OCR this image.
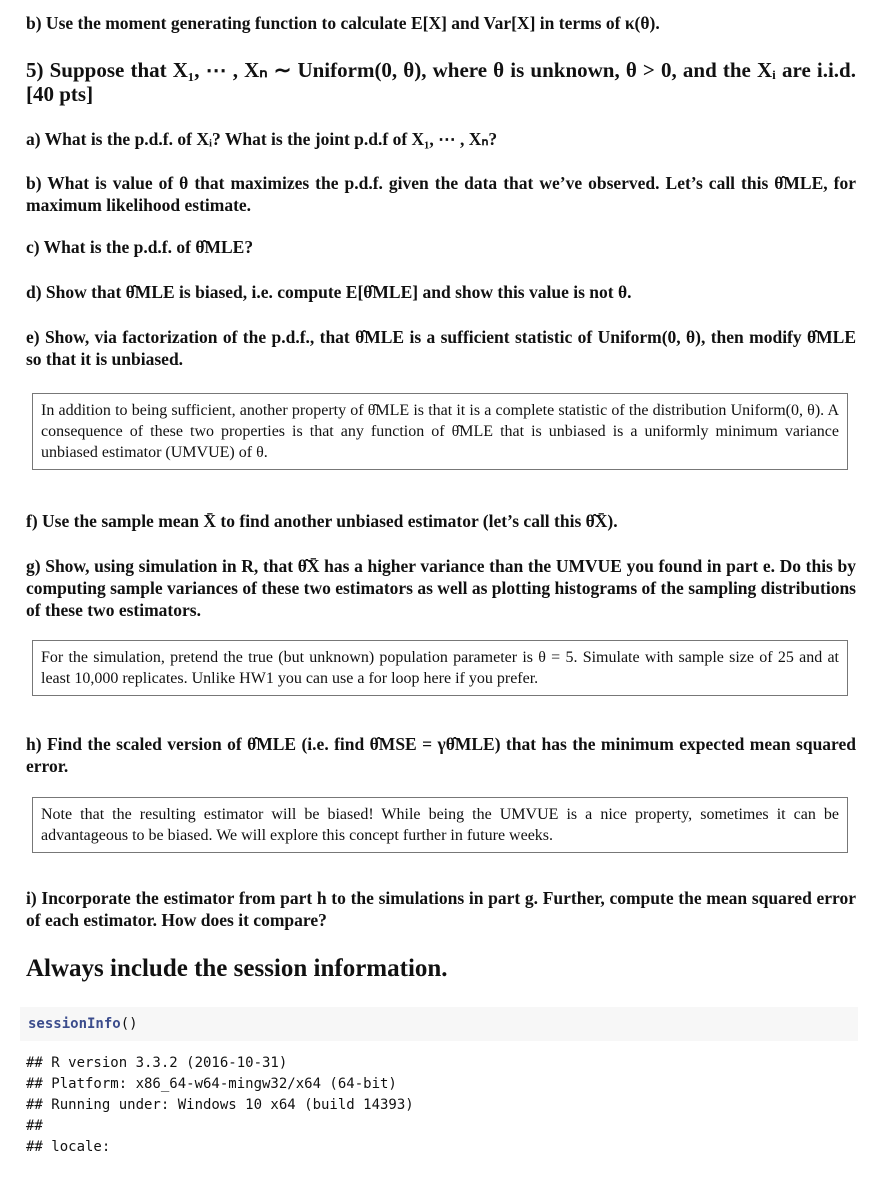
b) Use the moment generating function to calculate E[X] and Var[X] in terms of κ(θ).
5) Suppose that X₁, ⋯ , Xₙ ∼ Uniform(0, θ), where θ is unknown, θ > 0, and the Xᵢ are i.i.d. [40 pts]
a) What is the p.d.f. of Xᵢ? What is the joint p.d.f of X₁, ⋯ , Xₙ?
b) What is value of θ that maximizes the p.d.f. given the data that we’ve observed. Let’s call this θ̂MLE, for maximum likelihood estimate.
c) What is the p.d.f. of θ̂MLE?
d) Show that θ̂MLE is biased, i.e. compute E[θ̂MLE] and show this value is not θ.
e) Show, via factorization of the p.d.f., that θ̂MLE is a sufficient statistic of Uniform(0, θ), then modify θ̂MLE so that it is unbiased.
In addition to being sufficient, another property of θ̂MLE is that it is a complete statistic of the distribution Uniform(0, θ). A consequence of these two properties is that any function of θ̂MLE that is unbiased is a uniformly minimum variance unbiased estimator (UMVUE) of θ.
f) Use the sample mean X̄ to find another unbiased estimator (let’s call this θ̂X̄).
g) Show, using simulation in R, that θ̂X̄ has a higher variance than the UMVUE you found in part e. Do this by computing sample variances of these two estimators as well as plotting histograms of the sampling distributions of these two estimators.
For the simulation, pretend the true (but unknown) population parameter is θ = 5. Simulate with sample size of 25 and at least 10,000 replicates. Unlike HW1 you can use a for loop here if you prefer.
h) Find the scaled version of θ̂MLE (i.e. find θ̂MSE = γθ̂MLE) that has the minimum expected mean squared error.
Note that the resulting estimator will be biased! While being the UMVUE is a nice property, sometimes it can be advantageous to be biased. We will explore this concept further in future weeks.
i) Incorporate the estimator from part h to the simulations in part g. Further, compute the mean squared error of each estimator. How does it compare?
Always include the session information.
sessionInfo()
## R version 3.3.2 (2016-10-31)
## Platform: x86_64-w64-mingw32/x64 (64-bit)
## Running under: Windows 10 x64 (build 14393)
##
## locale:
